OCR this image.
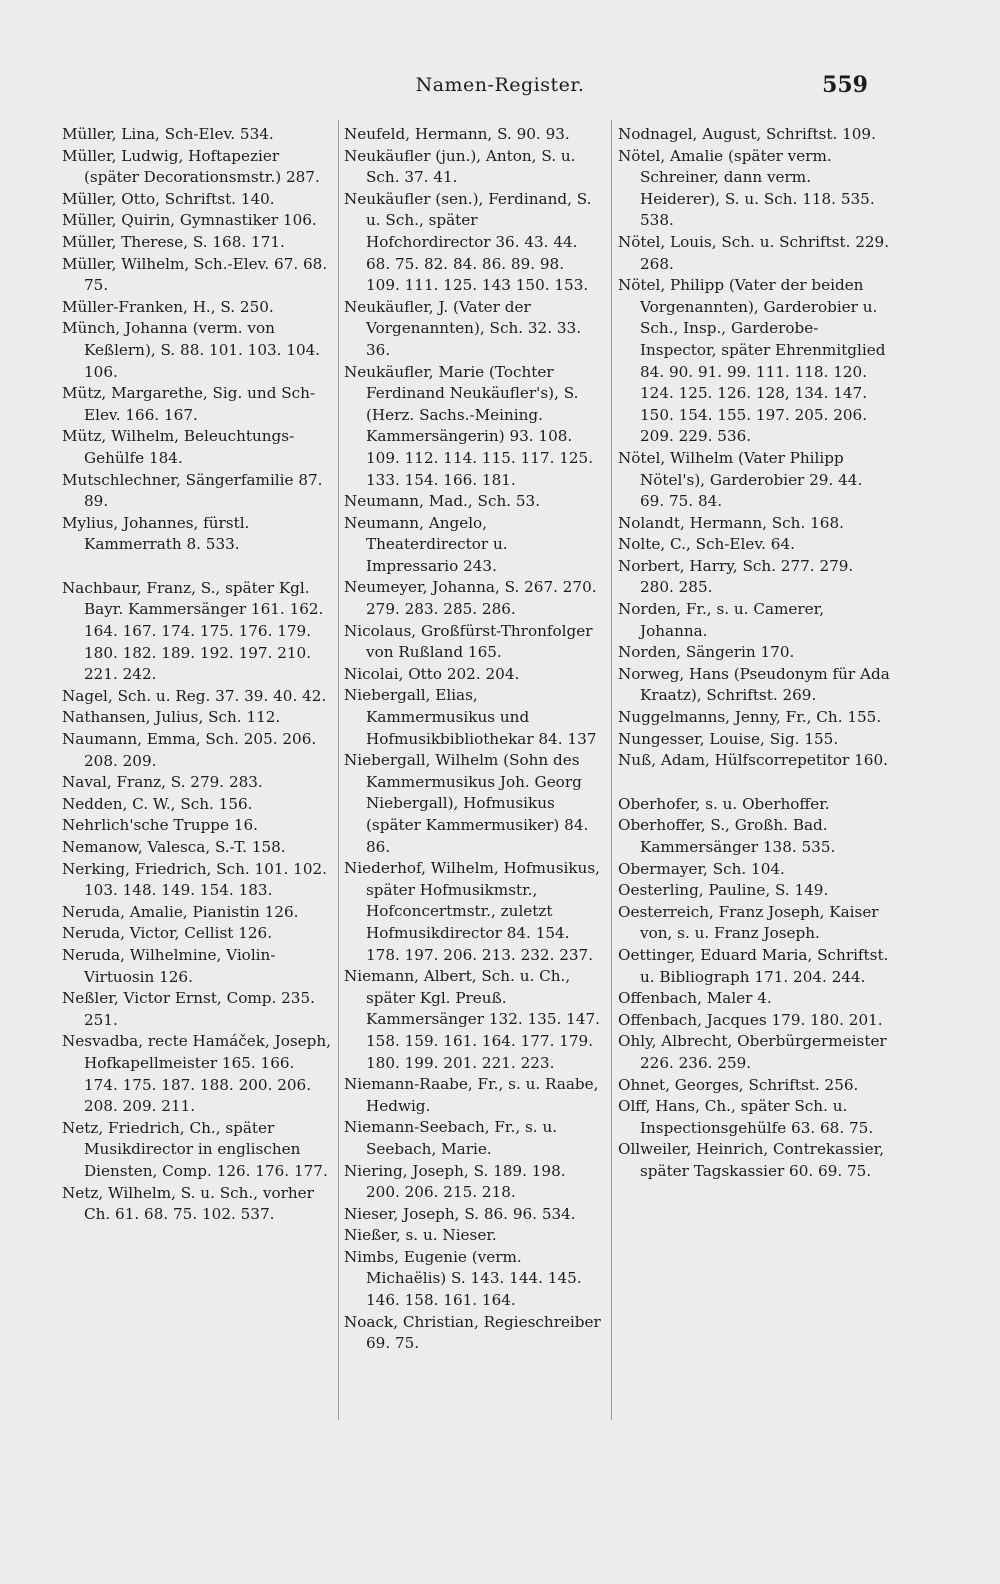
Namen-Register.	559

Müller, Lina, Sch-Elev. 534.

Müller, Ludwig, Hoftapezier (später Decorationsmstr.) 287.

Müller, Otto, Schriftst. 140.

Müller, Quirin, Gymnastiker 106.

Müller, Therese, S. 168. 171.

Müller, Wilhelm, Sch.-Elev. 67. 68. 75.

Müller-Franken, H., S. 250.

Münch, Johanna (verm. von Keßlern), S. 88. 101. 103. 104. 106.

Mütz, Margarethe, Sig. und Sch-Elev. 166. 167.

Mütz, Wilhelm, Beleuchtungs-Gehülfe 184.

Mutschlechner, Sängerfamilie 87. 89.

Mylius, Johannes, fürstl. Kammerrath 8. 533.

Nachbaur, Franz, S., später Kgl. Bayr. Kammersänger 161. 162. 164. 167. 174. 175. 176. 179. 180. 182. 189. 192. 197. 210. 221. 242.

Nagel, Sch. u. Reg. 37. 39. 40. 42.

Nathansen, Julius, Sch. 112.

Naumann, Emma, Sch. 205. 206. 208. 209.

Naval, Franz, S. 279. 283.

Nedden, C. W., Sch. 156.

Nehrlich'sche Truppe 16.

Nemanow, Valesca, S.-T. 158.

Nerking, Friedrich, Sch. 101. 102. 103. 148. 149. 154. 183.

Neruda, Amalie, Pianistin 126.

Neruda, Victor, Cellist 126.

Neruda, Wilhelmine, Violin-Virtuosin 126.

Neßler, Victor Ernst, Comp. 235. 251.

Nesvadba, recte Hamáček, Joseph, Hofkapellmeister 165. 166. 174. 175. 187. 188. 200. 206. 208. 209. 211.

Netz, Friedrich, Ch., später Musikdirector in englischen Diensten, Comp. 126. 176. 177.

Netz, Wilhelm, S. u. Sch., vorher Ch. 61. 68. 75. 102. 537.

Neufeld, Hermann, S. 90. 93.

Neukäufler (jun.), Anton, S. u. Sch. 37. 41.

Neukäufler (sen.), Ferdinand, S. u. Sch., später Hofchordirector 36. 43. 44. 68. 75. 82. 84. 86. 89. 98. 109. 111. 125. 143 150. 153.

Neukäufler, J. (Vater der Vorgenannten), Sch. 32. 33. 36.

Neukäufler, Marie (Tochter Ferdinand Neukäufler's), S. (Herz. Sachs.-Meining. Kammersängerin) 93. 108. 109. 112. 114. 115. 117. 125. 133. 154. 166. 181.

Neumann, Mad., Sch. 53.

Neumann, Angelo, Theaterdirector u. Impressario 243.

Neumeyer, Johanna, S. 267. 270. 279. 283. 285. 286.

Nicolaus, Großfürst-Thronfolger von Rußland 165.

Nicolai, Otto 202. 204.

Niebergall, Elias, Kammermusikus und Hofmusikbibliothekar 84. 137

Niebergall, Wilhelm (Sohn des Kammermusikus Joh. Georg Niebergall), Hofmusikus (später Kammermusiker) 84. 86.

Niederhof, Wilhelm, Hofmusikus, später Hofmusikmstr., Hofconcertmstr., zuletzt Hofmusikdirector 84. 154. 178. 197. 206. 213. 232. 237.

Niemann, Albert, Sch. u. Ch., später Kgl. Preuß. Kammersänger 132. 135. 147. 158. 159. 161. 164. 177. 179. 180. 199. 201. 221. 223.

Niemann-Raabe, Fr., s. u. Raabe, Hedwig.

Niemann-Seebach, Fr., s. u. Seebach, Marie.

Niering, Joseph, S. 189. 198. 200. 206. 215. 218.

Nieser, Joseph, S. 86. 96. 534.

Nießer, s. u. Nieser.

Nimbs, Eugenie (verm. Michaëlis) S. 143. 144. 145. 146. 158. 161. 164.

Noack, Christian, Regieschreiber 69. 75.

Nodnagel, August, Schriftst. 109.

Nötel, Amalie (später verm. Schreiner, dann verm. Heiderer), S. u. Sch. 118. 535. 538.

Nötel, Louis, Sch. u. Schriftst. 229. 268.

Nötel, Philipp (Vater der beiden Vorgenannten), Garderobier u. Sch., Insp., Garderobe-Inspector, später Ehrenmitglied 84. 90. 91. 99. 111. 118. 120. 124. 125. 126. 128, 134. 147. 150. 154. 155. 197. 205. 206. 209. 229. 536.

Nötel, Wilhelm (Vater Philipp Nötel's), Garderobier 29. 44. 69. 75. 84.

Nolandt, Hermann, Sch. 168.

Nolte, C., Sch-Elev. 64.

Norbert, Harry, Sch. 277. 279. 280. 285.

Norden, Fr., s. u. Camerer, Johanna.

Norden, Sängerin 170.

Norweg, Hans (Pseudonym für Ada Kraatz), Schriftst. 269.

Nuggelmanns, Jenny, Fr., Ch. 155.

Nungesser, Louise, Sig. 155.

Nuß, Adam, Hülfscorrepetitor 160.

Oberhofer, s. u. Oberhoffer.

Oberhoffer, S., Großh. Bad. Kammersänger 138. 535.

Obermayer, Sch. 104.

Oesterling, Pauline, S. 149.

Oesterreich, Franz Joseph, Kaiser von, s. u. Franz Joseph.

Oettinger, Eduard Maria, Schriftst. u. Bibliograph 171. 204. 244.

Offenbach, Maler 4.

Offenbach, Jacques 179. 180. 201.

Ohly, Albrecht, Oberbürgermeister 226. 236. 259.

Ohnet, Georges, Schriftst. 256.

Olff, Hans, Ch., später Sch. u. Inspectionsgehülfe 63. 68. 75.

Ollweiler, Heinrich, Contrekassier, später Tagskassier 60. 69. 75.
